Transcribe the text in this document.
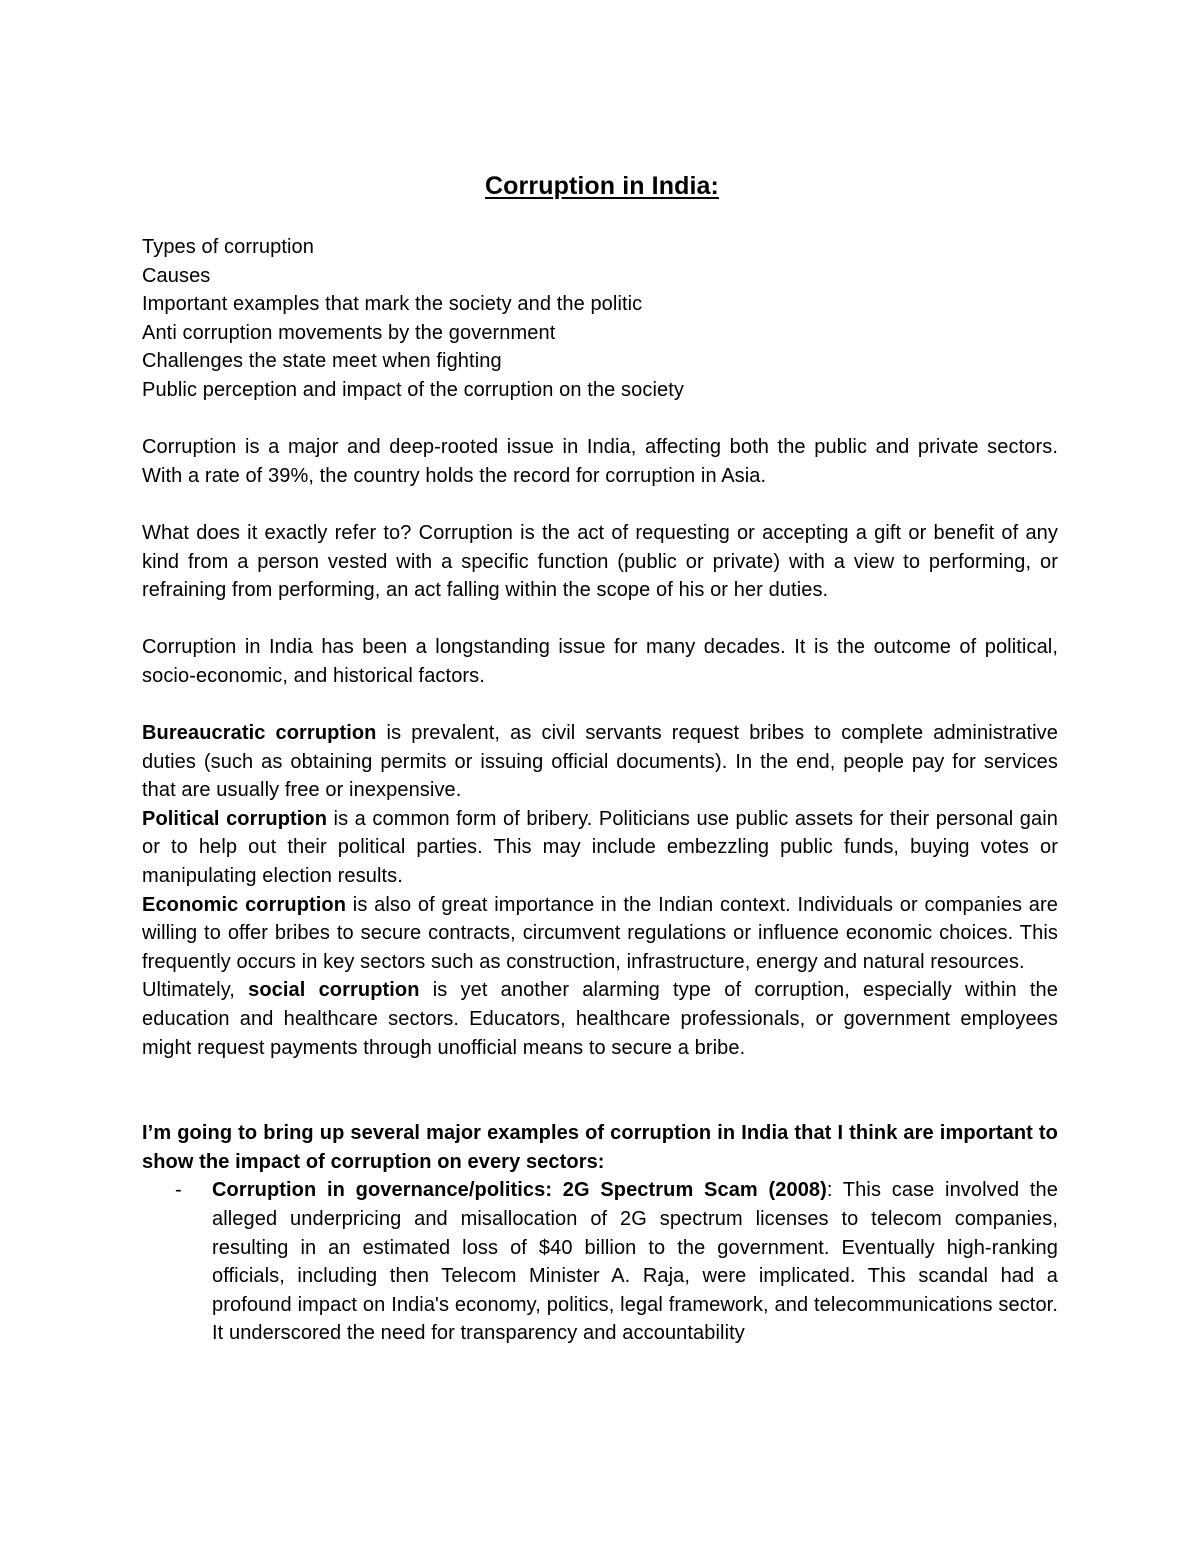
Corruption in India:
Types of corruption
Causes
Important examples that mark the society and the politic
Anti corruption movements by the government
Challenges the state meet when fighting
Public perception and impact of the corruption on the society

Corruption is a major and deep-rooted issue in India, affecting both the public and private sectors. With a rate of 39%, the country holds the record for corruption in Asia.

What does it exactly refer to? Corruption is the act of requesting or accepting a gift or benefit of any kind from a person vested with a specific function (public or private) with a view to performing, or refraining from performing, an act falling within the scope of his or her duties.

Corruption in India has been a longstanding issue for many decades. It is the outcome of political, socio-economic, and historical factors.

Bureaucratic corruption is prevalent, as civil servants request bribes to complete administrative duties (such as obtaining permits or issuing official documents). In the end, people pay for services that are usually free or inexpensive.

Political corruption is a common form of bribery. Politicians use public assets for their personal gain or to help out their political parties. This may include embezzling public funds, buying votes or manipulating election results.

Economic corruption is also of great importance in the Indian context. Individuals or companies are willing to offer bribes to secure contracts, circumvent regulations or influence economic choices. This frequently occurs in key sectors such as construction, infrastructure, energy and natural resources.

Ultimately, social corruption is yet another alarming type of corruption, especially within the education and healthcare sectors. Educators, healthcare professionals, or government employees might request payments through unofficial means to secure a bribe.

I’m going to bring up several major examples of corruption in India that I think are important to show the impact of corruption on every sectors:

- Corruption in governance/politics: 2G Spectrum Scam (2008): This case involved the alleged underpricing and misallocation of 2G spectrum licenses to telecom companies, resulting in an estimated loss of $40 billion to the government. Eventually high-ranking officials, including then Telecom Minister A. Raja, were implicated. This scandal had a profound impact on India's economy, politics, legal framework, and telecommunications sector. It underscored the need for transparency and accountability
